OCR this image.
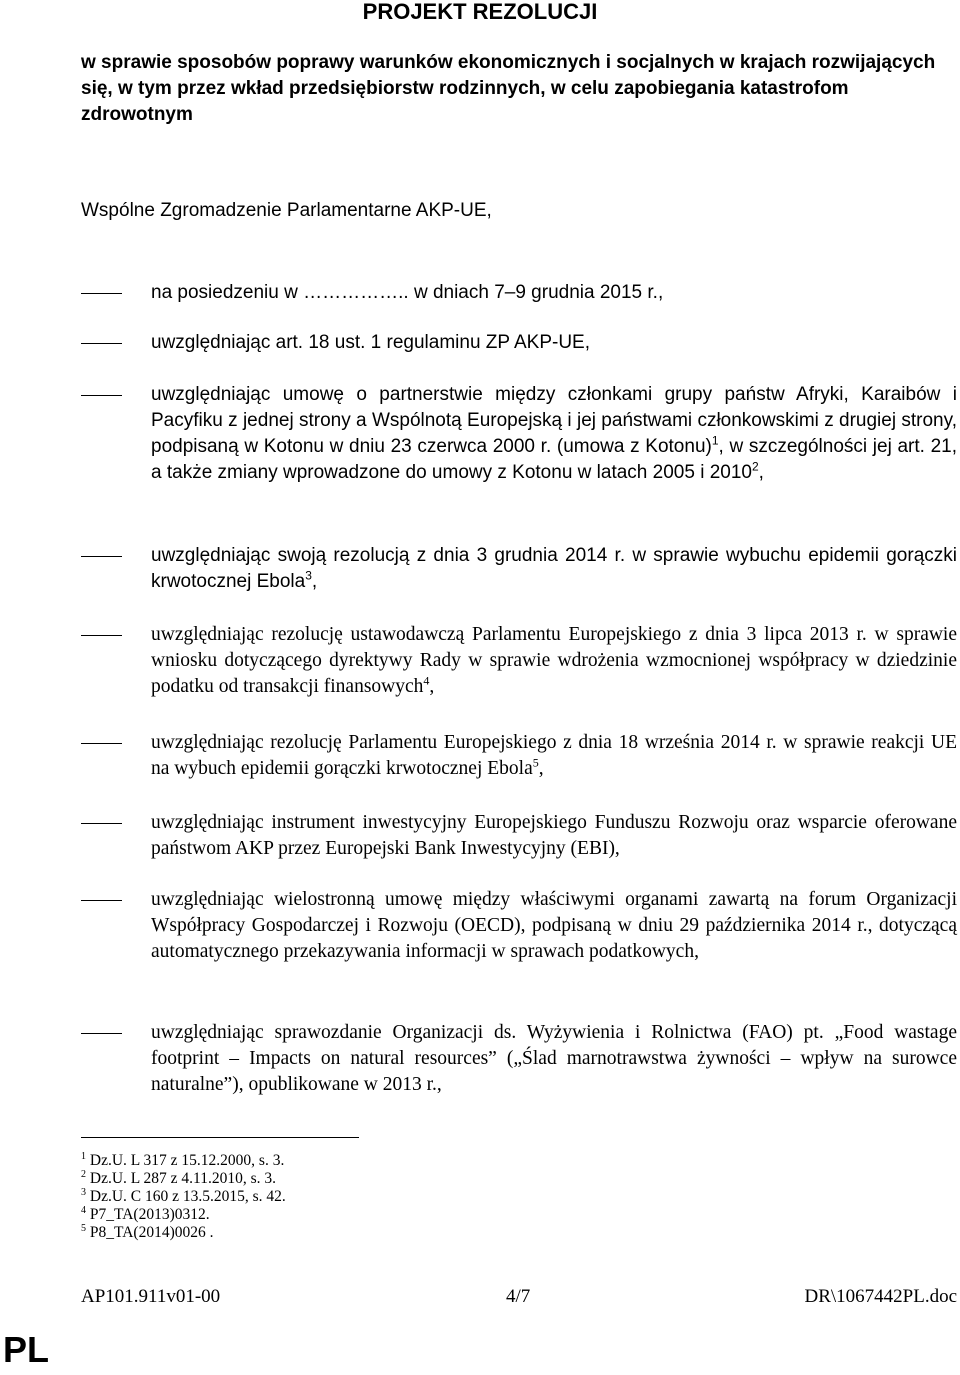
PROJEKT REZOLUCJI
w sprawie sposobów poprawy warunków ekonomicznych i socjalnych w krajach rozwijających się, w tym przez wkład przedsiębiorstw rodzinnych, w celu zapobiegania katastrofom zdrowotnym
Wspólne Zgromadzenie Parlamentarne AKP-UE,
na posiedzeniu w …………….. w dniach 7–9 grudnia 2015 r.,
uwzględniając art. 18 ust. 1 regulaminu ZP AKP-UE,
uwzględniając umowę o partnerstwie między członkami grupy państw Afryki, Karaibów i Pacyfiku z jednej strony a Wspólnotą Europejską i jej państwami członkowskimi z drugiej strony, podpisaną w Kotonu w dniu 23 czerwca 2000 r. (umowa z Kotonu)$^1$, w szczególności jej art. 21, a także zmiany wprowadzone do umowy z Kotonu w latach 2005 i 2010$^2$,
uwzględniając swoją rezolucją z dnia 3 grudnia 2014 r. w sprawie wybuchu epidemii gorączki krwotocznej Ebola$^3$,
uwzględniając rezolucję ustawodawczą Parlamentu Europejskiego z dnia 3 lipca 2013 r. w sprawie wniosku dotyczącego dyrektywy Rady w sprawie wdrożenia wzmocnionej współpracy w dziedzinie podatku od transakcji finansowych$^4$,
uwzględniając rezolucję Parlamentu Europejskiego z dnia 18 września 2014 r. w sprawie reakcji UE na wybuch epidemii gorączki krwotocznej Ebola$^5$,
uwzględniając instrument inwestycyjny Europejskiego Funduszu Rozwoju oraz wsparcie oferowane państwom AKP przez Europejski Bank Inwestycyjny (EBI),
uwzględniając wielostronną umowę między właściwymi organami zawartą na forum Organizacji Współpracy Gospodarczej i Rozwoju (OECD), podpisaną w dniu 29 października 2014 r., dotyczącą automatycznego przekazywania informacji w sprawach podatkowych,
uwzględniając sprawozdanie Organizacji ds. Wyżywienia i Rolnictwa (FAO) pt. „Food wastage footprint – Impacts on natural resources” („Ślad marnotrawstwa żywności – wpływ na surowce naturalne”), opublikowane w 2013 r.,

$^1$ Dz.U. L 317 z 15.12.2000, s. 3.

$^2$ Dz.U. L 287 z 4.11.2010, s. 3.

$^3$ Dz.U. C 160 z 13.5.2015, s. 42.

$^4$ P7_TA(2013)0312.

$^5$ P8_TA(2014)0026 .

AP101.911v01-00	4/7	DR\1067442PL.doc
PL
